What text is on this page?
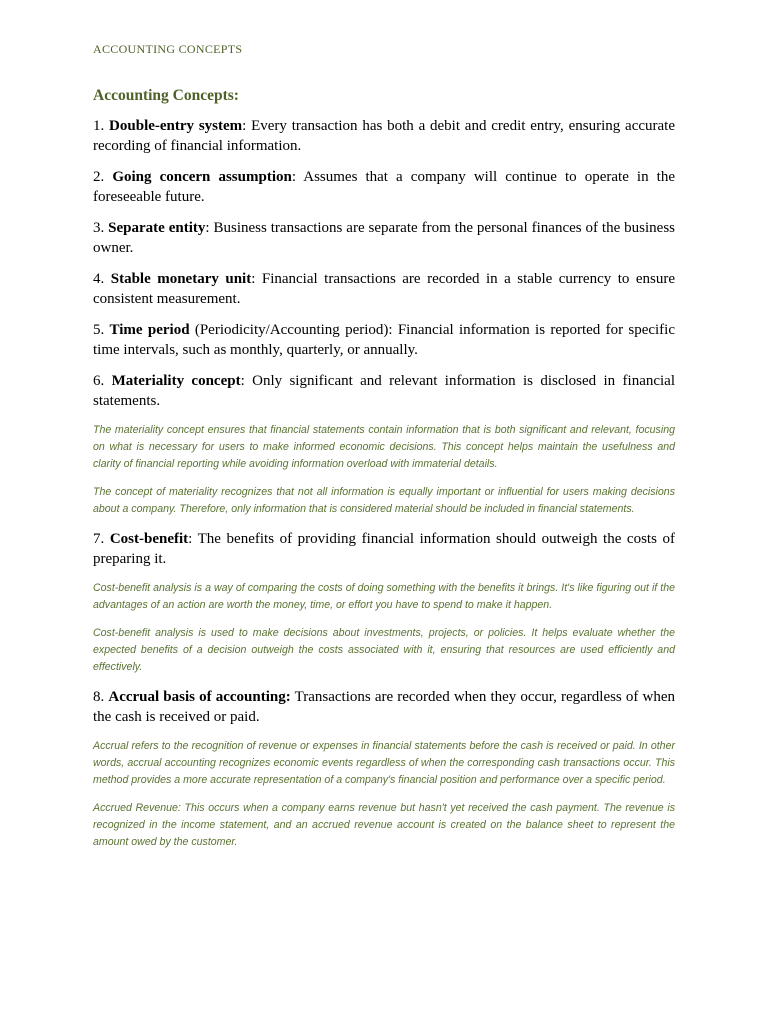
ACCOUNTING CONCEPTS
Accounting Concepts:

1. Double-entry system: Every transaction has both a debit and credit entry, ensuring accurate recording of financial information.

2. Going concern assumption: Assumes that a company will continue to operate in the foreseeable future.

3. Separate entity: Business transactions are separate from the personal finances of the business owner.

4. Stable monetary unit: Financial transactions are recorded in a stable currency to ensure consistent measurement.

5. Time period (Periodicity/Accounting period): Financial information is reported for specific time intervals, such as monthly, quarterly, or annually.

6. Materiality concept: Only significant and relevant information is disclosed in financial statements.

The materiality concept ensures that financial statements contain information that is both significant and relevant, focusing on what is necessary for users to make informed economic decisions. This concept helps maintain the usefulness and clarity of financial reporting while avoiding information overload with immaterial details.

The concept of materiality recognizes that not all information is equally important or influential for users making decisions about a company. Therefore, only information that is considered material should be included in financial statements.

7. Cost-benefit: The benefits of providing financial information should outweigh the costs of preparing it.

Cost-benefit analysis is a way of comparing the costs of doing something with the benefits it brings. It's like figuring out if the advantages of an action are worth the money, time, or effort you have to spend to make it happen.

Cost-benefit analysis is used to make decisions about investments, projects, or policies. It helps evaluate whether the expected benefits of a decision outweigh the costs associated with it, ensuring that resources are used efficiently and effectively.

8. Accrual basis of accounting: Transactions are recorded when they occur, regardless of when the cash is received or paid.

Accrual refers to the recognition of revenue or expenses in financial statements before the cash is received or paid. In other words, accrual accounting recognizes economic events regardless of when the corresponding cash transactions occur. This method provides a more accurate representation of a company's financial position and performance over a specific period.

Accrued Revenue: This occurs when a company earns revenue but hasn't yet received the cash payment. The revenue is recognized in the income statement, and an accrued revenue account is created on the balance sheet to represent the amount owed by the customer.
